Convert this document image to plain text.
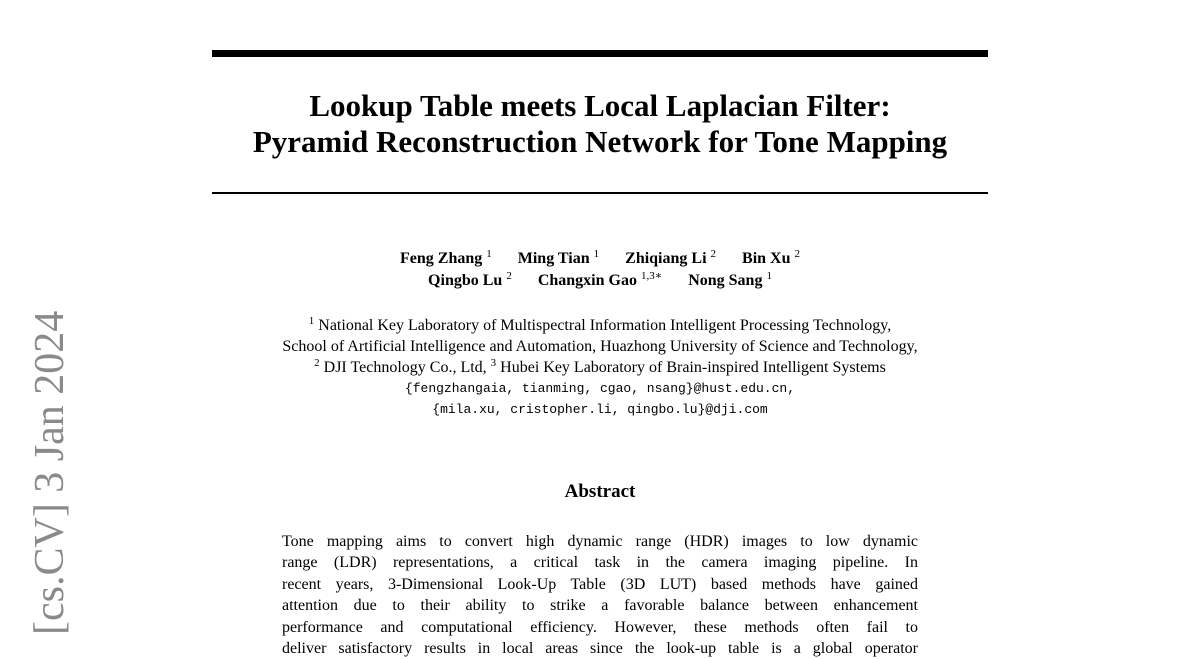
Lookup Table meets Local Laplacian Filter:
Pyramid Reconstruction Network for Tone Mapping
Feng Zhang $^1$ Ming Tian $^1$ Zhiqiang Li $^2$ Bin Xu $^2$
Qingbo Lu $^2$ Changxin Gao $^{1,3∗}$ Nong Sang $^1$
$^1$ National Key Laboratory of Multispectral Information Intelligent Processing Technology,
School of Artificial Intelligence and Automation, Huazhong University of Science and Technology,
$^2$ DJI Technology Co., Ltd, $^3$ Hubei Key Laboratory of Brain-inspired Intelligent Systems
{fengzhangaia, tianming, cgao, nsang}@hust.edu.cn,
{mila.xu, cristopher.li, qingbo.lu}@dji.com
Abstract
Tone mapping aims to convert high dynamic range (HDR) images to low dynamic
range (LDR) representations, a critical task in the camera imaging pipeline. In
recent years, 3-Dimensional Look-Up Table (3D LUT) based methods have gained
attention due to their ability to strike a favorable balance between enhancement
performance and computational efficiency. However, these methods often fail to
deliver satisfactory results in local areas since the look-up table is a global operator
[cs.CV] 3 Jan 2024
